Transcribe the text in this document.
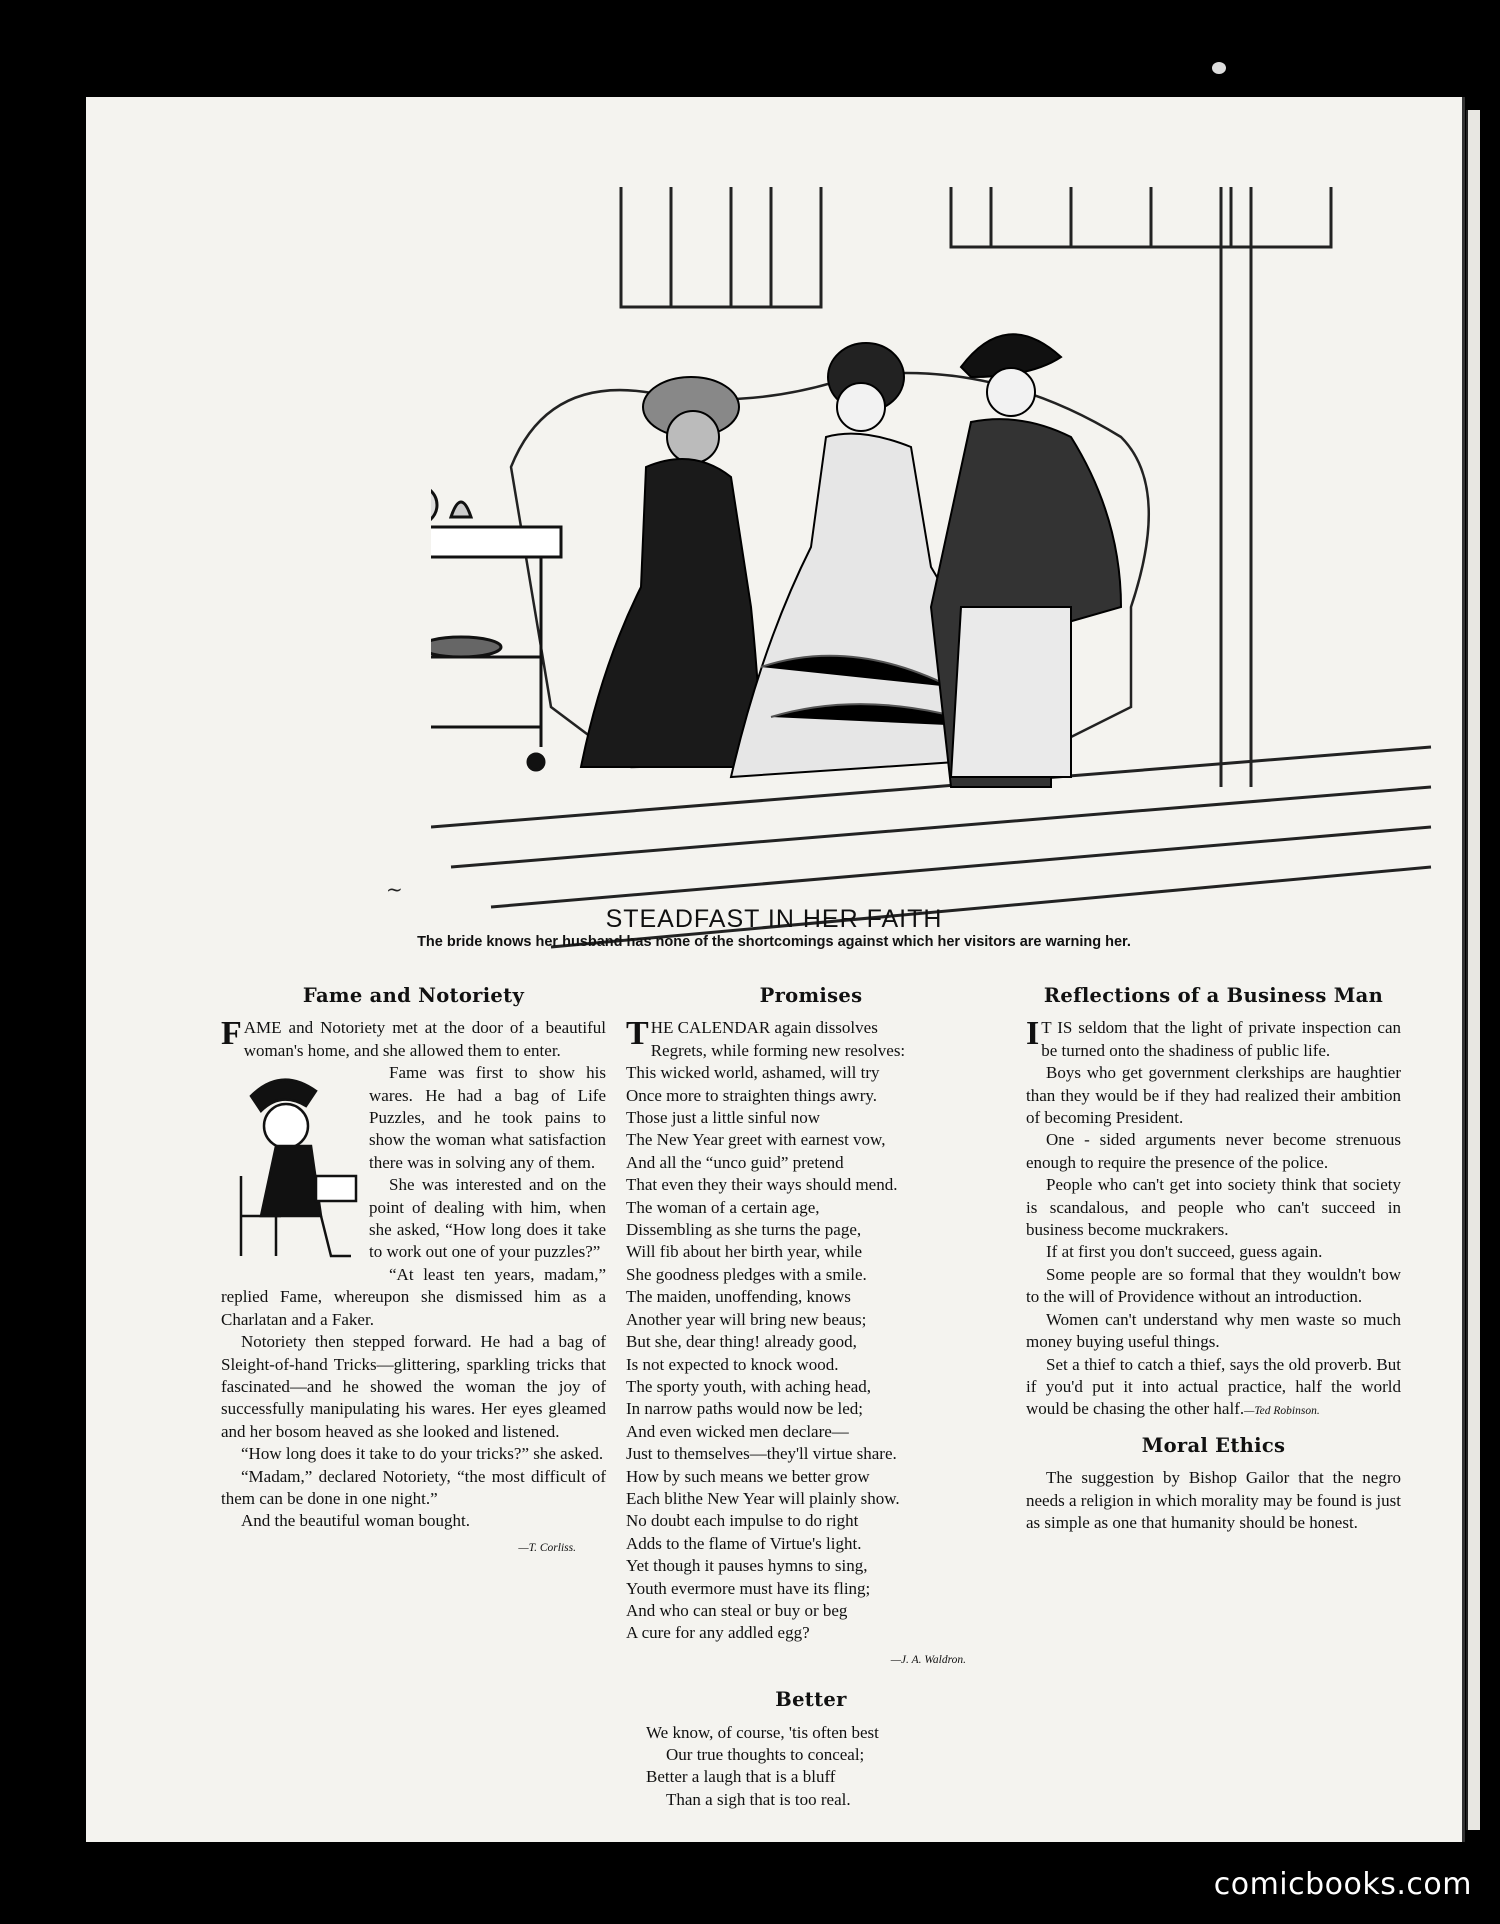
~
STEADFAST IN HER FAITH
The bride knows her husband has none of the shortcomings against which her visitors are warning her.
Fame and Notoriety

FAME and Notoriety met at the door of a beautiful woman's home, and she allowed them to enter.

Fame was first to show his wares. He had a bag of Life Puzzles, and he took pains to show the woman what satisfaction there was in solving any of them.

She was interested and on the point of dealing with him, when she asked, “How long does it take to work out one of your puzzles?”

“At least ten years, madam,” replied Fame, whereupon she dismissed him as a Charlatan and a Faker.

Notoriety then stepped forward. He had a bag of Sleight-of-hand Tricks—glittering, sparkling tricks that fascinated—and he showed the woman the joy of successfully manipulating his wares. Her eyes gleamed and her bosom heaved as she looked and listened.

“How long does it take to do your tricks?” she asked.

“Madam,” declared Notoriety, “the most difficult of them can be done in one night.”

And the beautiful woman bought.

—T. Corliss.
Promises
T HE CALENDAR again dissolves
Regrets, while forming new resolves:
This wicked world, ashamed, will try
Once more to straighten things awry.
Those just a little sinful now
The New Year greet with earnest vow,
And all the “unco guid” pretend
That even they their ways should mend.
The woman of a certain age,
Dissembling as she turns the page,
Will fib about her birth year, while
She goodness pledges with a smile.
The maiden, unoffending, knows
Another year will bring new beaus;
But she, dear thing! already good,
Is not expected to knock wood.
The sporty youth, with aching head,
In narrow paths would now be led;
And even wicked men declare—
Just to themselves—they'll virtue share.
How by such means we better grow
Each blithe New Year will plainly show.
No doubt each impulse to do right
Adds to the flame of Virtue's light.
Yet though it pauses hymns to sing,
Youth evermore must have its fling;
And who can steal or buy or beg
A cure for any addled egg?
—J. A. Waldron.
Better
We know, of course, 'tis often best
Our true thoughts to conceal;
Better a laugh that is a bluff
Than a sigh that is too real.
Reflections of a Business Man

I T IS seldom that the light of private inspection can be turned onto the shadiness of public life.

Boys who get government clerkships are haughtier than they would be if they had realized their ambition of becoming President.

One - sided arguments never become strenuous enough to require the presence of the police.

People who can't get into society think that society is scandalous, and people who can't succeed in business become muckrakers.

If at first you don't succeed, guess again.

Some people are so formal that they wouldn't bow to the will of Providence without an introduction.

Women can't understand why men waste so much money buying useful things.

Set a thief to catch a thief, says the old proverb. But if you'd put it into actual practice, half the world would be chasing the other half.—Ted Robinson.

Moral Ethics

The suggestion by Bishop Gailor that the negro needs a religion in which morality may be found is just as simple as one that humanity should be honest.

comicbooks.com
